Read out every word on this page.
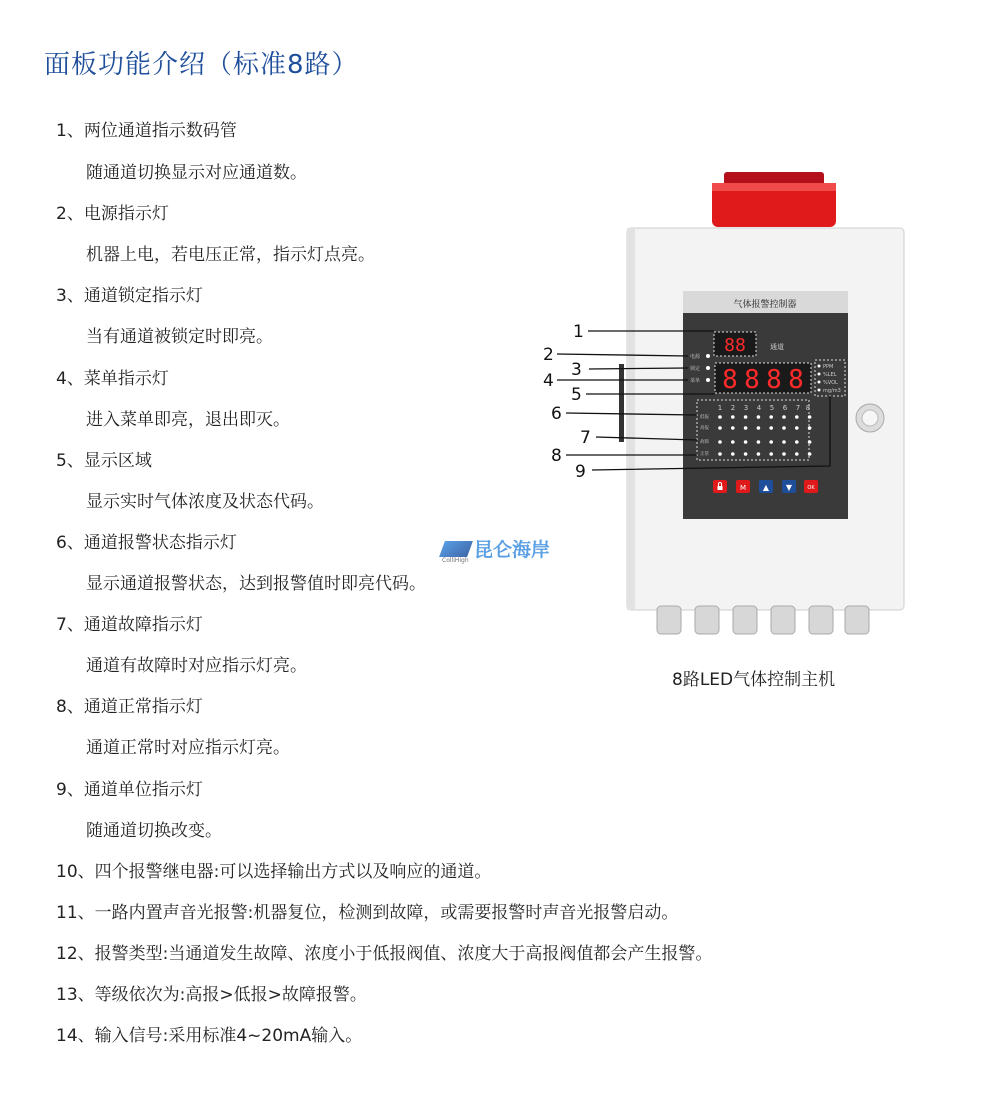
面板功能介绍（标准8路）
1、两位通道指示数码管
随通道切换显示对应通道数。
2、电源指示灯
机器上电，若电压正常，指示灯点亮。
3、通道锁定指示灯
当有通道被锁定时即亮。
4、菜单指示灯
进入菜单即亮，退出即灭。
5、显示区域
显示实时气体浓度及状态代码。
6、通道报警状态指示灯
显示通道报警状态，达到报警值时即亮代码。
7、通道故障指示灯
通道有故障时对应指示灯亮。
8、通道正常指示灯
通道正常时对应指示灯亮。
9、通道单位指示灯
随通道切换改变。
10、四个报警继电器:可以选择输出方式以及响应的通道。
11、一路内置声音光报警:机器复位，检测到故障，或需要报警时声音光报警启动。
12、报警类型:当通道发生故障、浓度小于低报阀值、浓度大于高报阀值都会产生报警。
13、等级依次为:高报>低报>故障报警。
14、输入信号:采用标准4~20mA输入。
气体报警控制器
88	通道
电源
锁定
菜单 8 8 8 8	PPM
%LEL
%VOL
mg/m3
1 2 3 4 5 6 7 8
低报
高报
故障
正常
M ▲ ▼	OK
1
2
3
4
5
6
7
8
9
昆仑海岸
ColliHigh
8路LED气体控制主机
